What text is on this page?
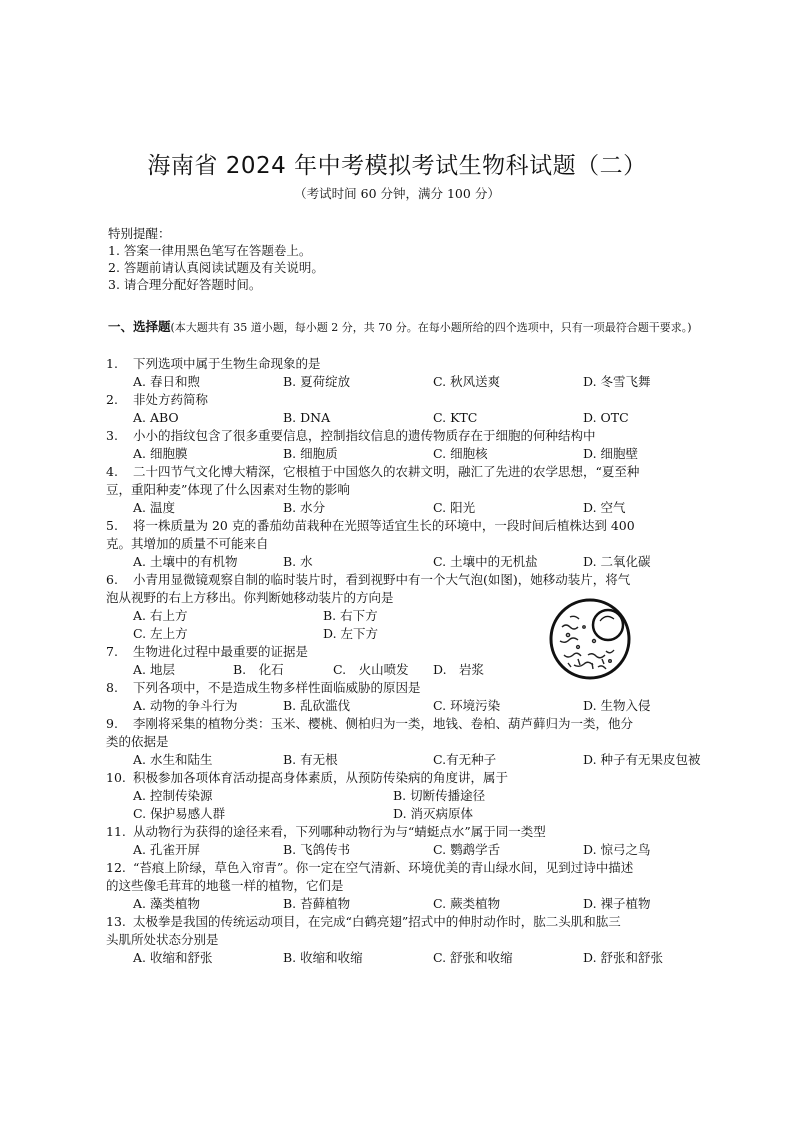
海南省 2024 年中考模拟考试生物科试题（二）
（考试时间 60 分钟，满分 100 分）
特别提醒：
1. 答案一律用黑色笔写在答题卷上。
2. 答题前请认真阅读试题及有关说明。
3. 请合理分配好答题时间。
一、选择题(本大题共有 35 道小题，每小题 2 分，共 70 分。在每小题所给的四个选项中，只有一项最符合题干要求。)
1.	下列选项中属于生物生命现象的是
A. 春日和煦	B. 夏荷绽放	C. 秋风送爽	D. 冬雪飞舞
2.	非处方药简称
A. ABO	B. DNA	C. KTC	D. OTC
3.	小小的指纹包含了很多重要信息，控制指纹信息的遗传物质存在于细胞的何种结构中
A. 细胞膜	B. 细胞质	C. 细胞核	D. 细胞壁
4.	二十四节气文化博大精深，它根植于中国悠久的农耕文明，融汇了先进的农学思想，“夏至种
豆，重阳种麦”体现了什么因素对生物的影响
A. 温度	B. 水分	C. 阳光	D. 空气
5.	将一株质量为 20 克的番茄幼苗栽种在光照等适宜生长的环境中，一段时间后植株达到 400
克。其增加的质量不可能来自
A. 土壤中的有机物	B. 水	C. 土壤中的无机盐	D. 二氧化碳
6.	小青用显微镜观察自制的临时装片时，看到视野中有一个大气泡(如图)，她移动装片，将气
泡从视野的右上方移出。你判断她移动装片的方向是
A. 右上方	B. 右下方
C. 左上方	D. 左下方
7.	生物进化过程中最重要的证据是
A. 地层	B.　化石	C.　火山喷发	D.　岩浆
8.	下列各项中，不是造成生物多样性面临威胁的原因是
A. 动物的争斗行为	B. 乱砍滥伐	C. 环境污染	D. 生物入侵
9.	李刚将采集的植物分类：玉米、樱桃、侧柏归为一类，地钱、卷柏、葫芦藓归为一类，他分
类的依据是
A. 水生和陆生	B. 有无根	C.有无种子	D. 种子有无果皮包被
10. 积极参加各项体育活动提高身体素质，从预防传染病的角度讲，属于
A. 控制传染源	B. 切断传播途径
C. 保护易感人群	D. 消灭病原体
11. 从动物行为获得的途径来看，下列哪种动物行为与“蜻蜓点水”属于同一类型
A. 孔雀开屏	B. 飞鸽传书	C. 鹦鹉学舌	D. 惊弓之鸟
12. “苔痕上阶绿，草色入帘青”。你一定在空气清新、环境优美的青山绿水间，见到过诗中描述
的这些像毛茸茸的地毯一样的植物，它们是
A. 藻类植物	B. 苔藓植物	C. 蕨类植物	D. 裸子植物
13. 太极拳是我国的传统运动项目，在完成“白鹤亮翅”招式中的伸肘动作时，肱二头肌和肱三
头肌所处状态分别是
A. 收缩和舒张	B. 收缩和收缩	C. 舒张和收缩	D. 舒张和舒张
